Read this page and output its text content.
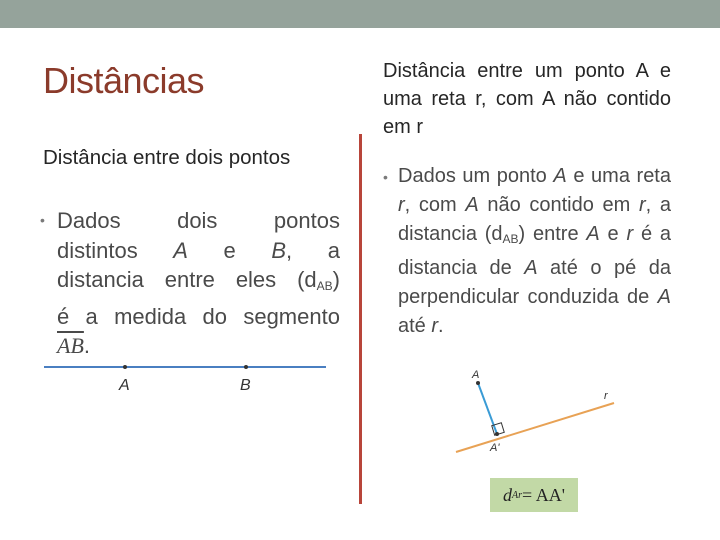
Distâncias
Distância entre dois pontos
• Dados	dois	pontos
distintos A e B, a
distancia entre eles $(d_{AB})$
é a medida do segmento
$\overline{AB}$.
A	B
Distância entre um ponto A e uma reta r, com A não contido em r
• Dados um ponto A e uma reta r, com A não contido em r, a distancia $(d_{AB})$ entre A e r é a distancia de A até o pé da perpendicular conduzida de A até r.
A
r
A'
d Ar = AA'
